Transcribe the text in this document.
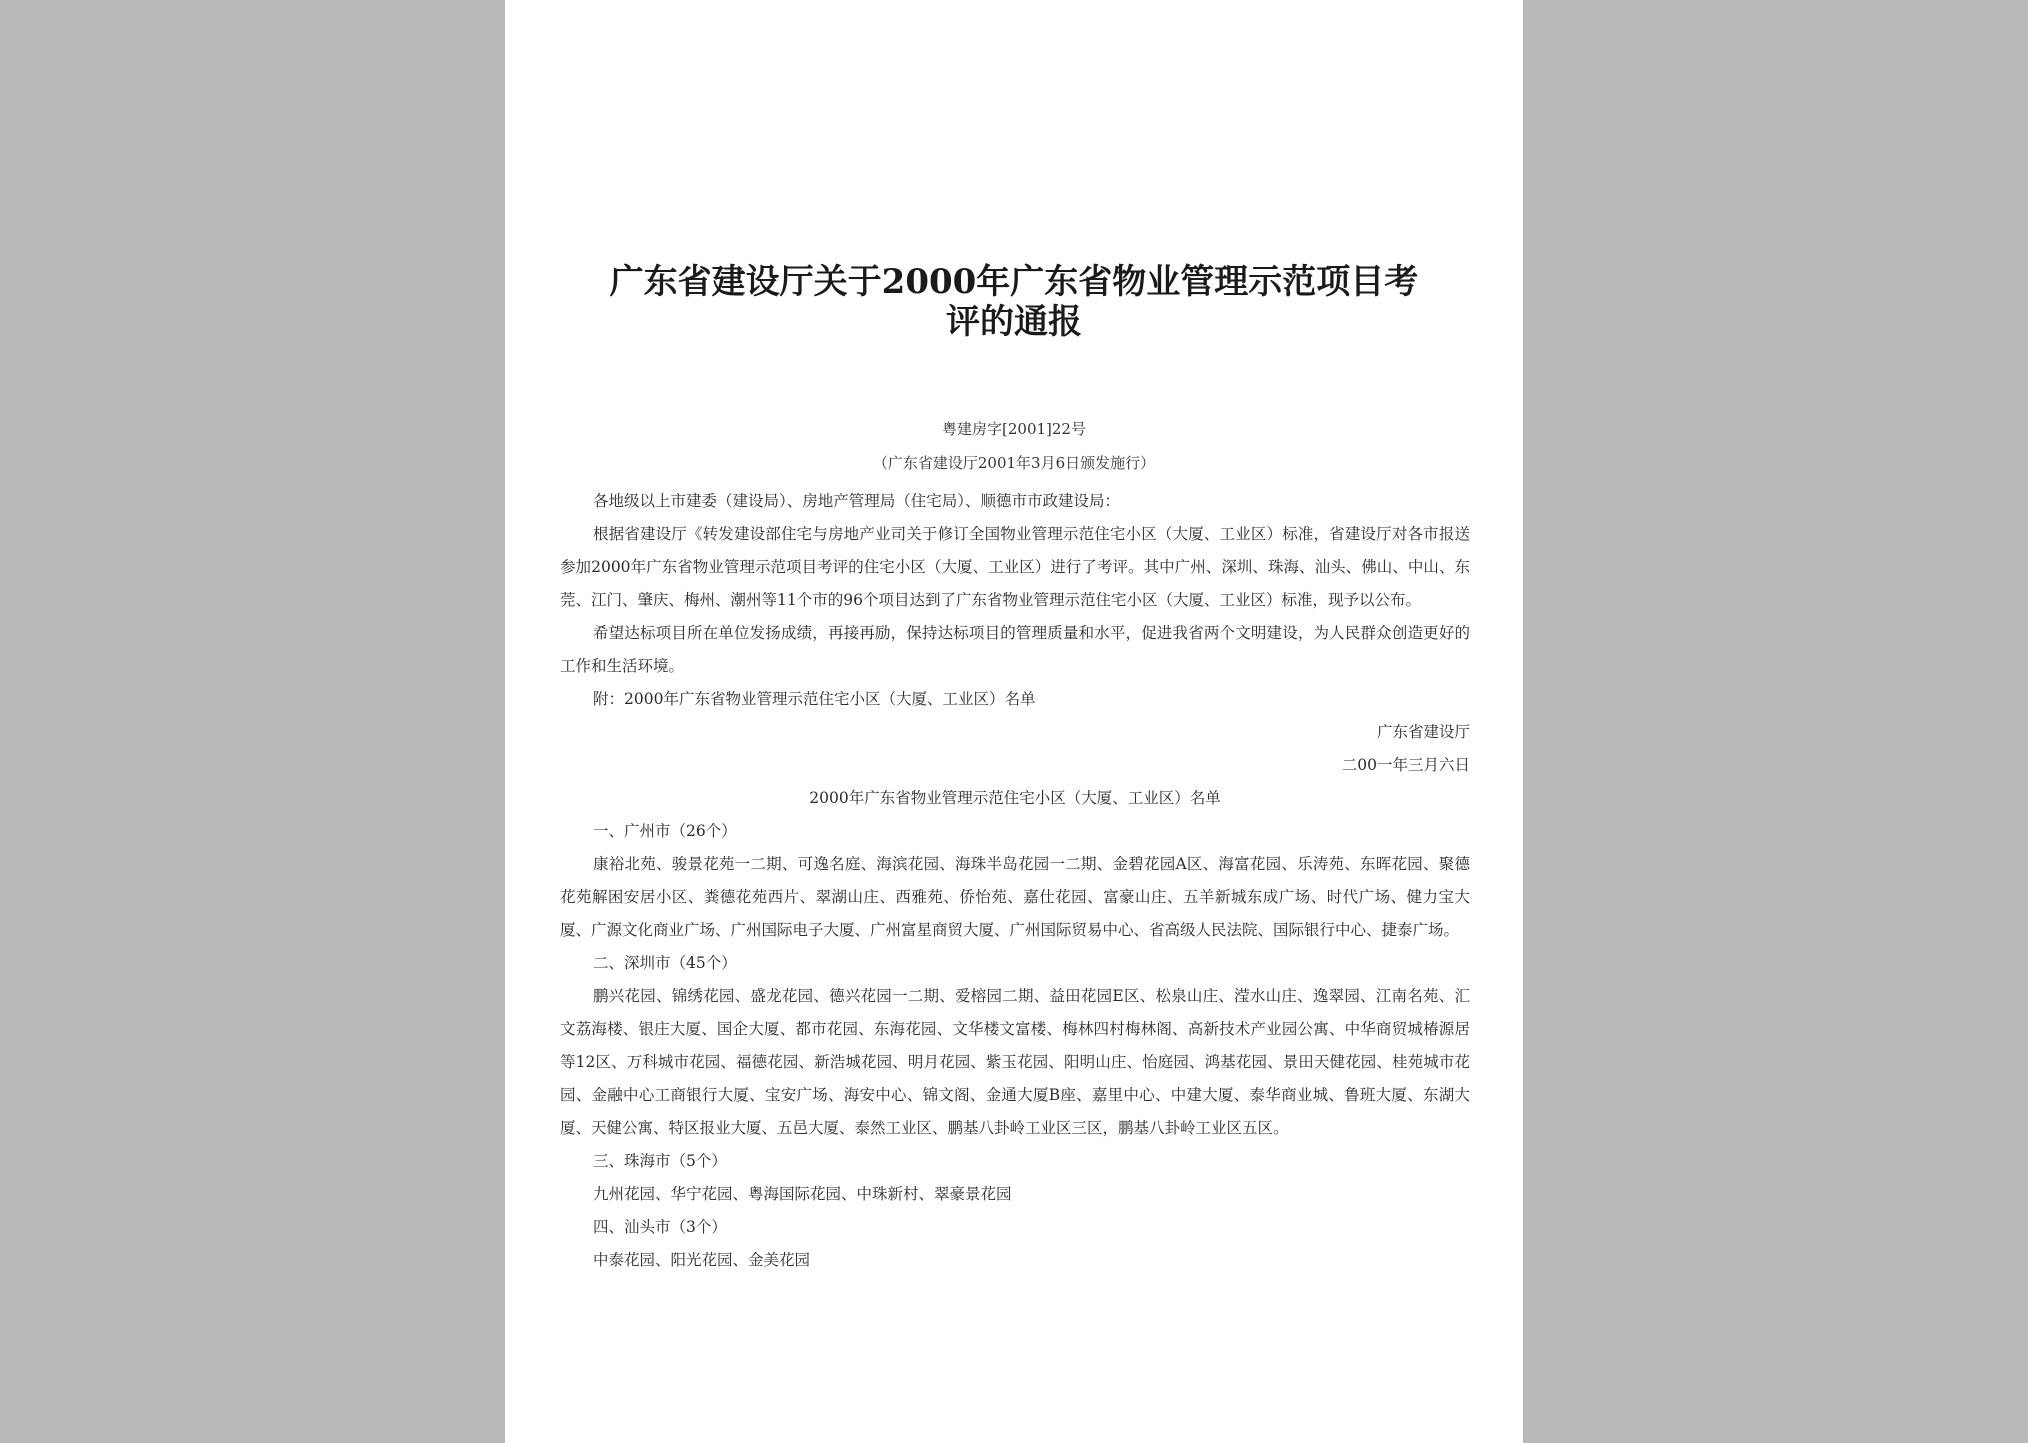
广东省建设厅关于2000年广东省物业管理示范项目考
评的通报
粤建房字[2001]22号
（广东省建设厅2001年3月6日颁发施行）

各地级以上市建委（建设局）、房地产管理局（住宅局）、顺德市市政建设局：

根据省建设厅《转发建设部住宅与房地产业司关于修订全国物业管理示范住宅小区（大厦、工业区）标准，省建设厅对各市报送参加2000年广东省物业管理示范项目考评的住宅小区（大厦、工业区）进行了考评。其中广州、深圳、珠海、汕头、佛山、中山、东莞、江门、肇庆、梅州、潮州等11个市的96个项目达到了广东省物业管理示范住宅小区（大厦、工业区）标准，现予以公布。

希望达标项目所在单位发扬成绩，再接再励，保持达标项目的管理质量和水平，促进我省两个文明建设，为人民群众创造更好的工作和生活环境。

附：2000年广东省物业管理示范住宅小区（大厦、工业区）名单

广东省建设厅

二00一年三月六日

2000年广东省物业管理示范住宅小区（大厦、工业区）名单

一、广州市（26个）

康裕北苑、骏景花苑一二期、可逸名庭、海滨花园、海珠半岛花园一二期、金碧花园A区、海富花园、乐涛苑、东晖花园、聚德花苑解困安居小区、粪德花苑西片、翠湖山庄、西雅苑、侨怡苑、嘉仕花园、富豪山庄、五羊新城东成广场、时代广场、健力宝大厦、广源文化商业广场、广州国际电子大厦、广州富星商贸大厦、广州国际贸易中心、省高级人民法院、国际银行中心、捷泰广场。

二、深圳市（45个）

鹏兴花园、锦绣花园、盛龙花园、德兴花园一二期、爱榕园二期、益田花园E区、松泉山庄、滢水山庄、逸翠园、江南名苑、汇文荔海楼、银庄大厦、国企大厦、都市花园、东海花园、文华楼文富楼、梅林四村梅林阁、高新技术产业园公寓、中华商贸城椿源居等12区、万科城市花园、福德花园、新浩城花园、明月花园、紫玉花园、阳明山庄、怡庭园、鸿基花园、景田天健花园、桂苑城市花园、金融中心工商银行大厦、宝安广场、海安中心、锦文阁、金通大厦B座、嘉里中心、中建大厦、泰华商业城、鲁班大厦、东湖大厦、天健公寓、特区报业大厦、五邑大厦、泰然工业区、鹏基八卦岭工业区三区，鹏基八卦岭工业区五区。

三、珠海市（5个）

九州花园、华宁花园、粤海国际花园、中珠新村、翠豪景花园

四、汕头市（3个）

中泰花园、阳光花园、金美花园
